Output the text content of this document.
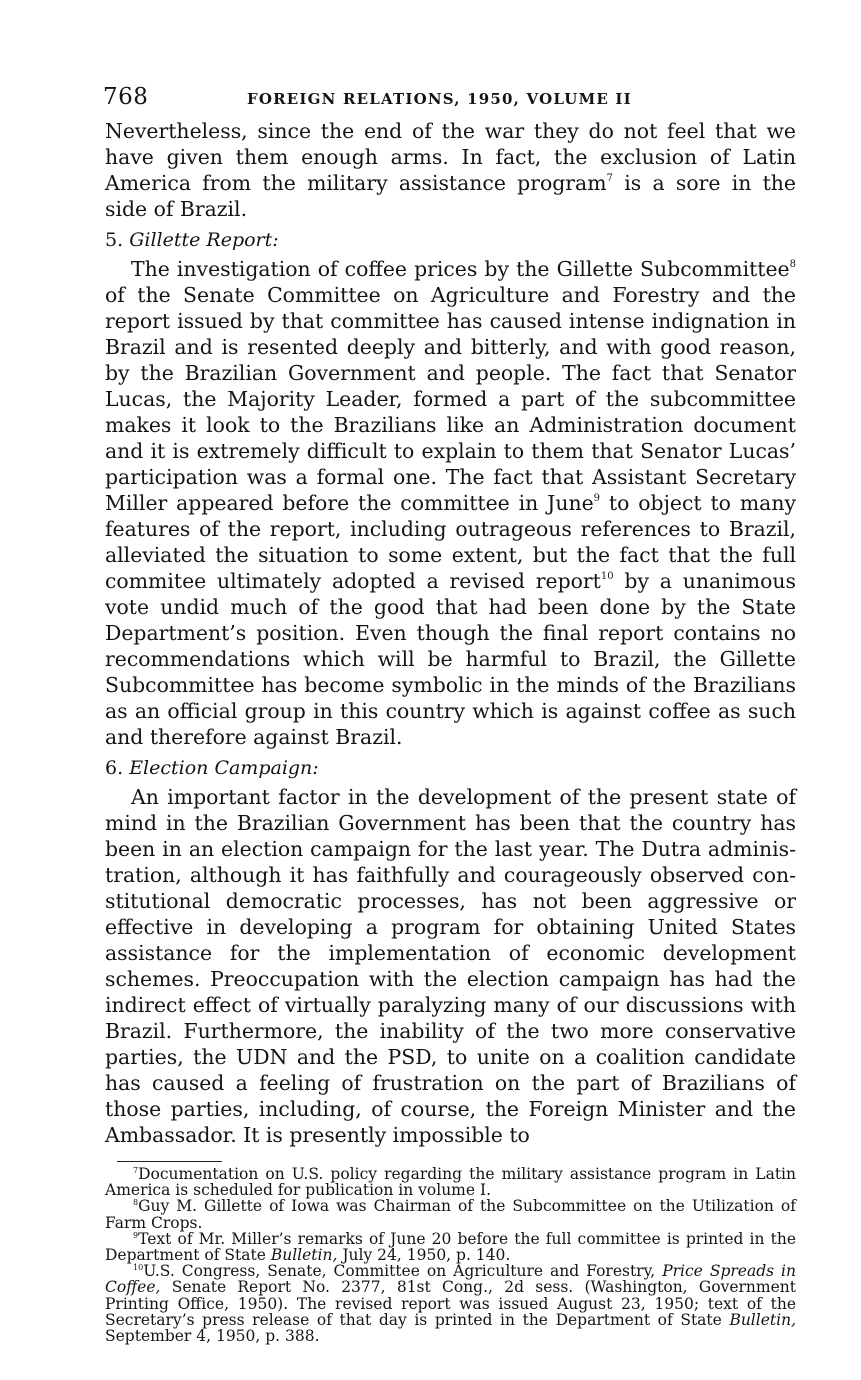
768	FOREIGN RELATIONS, 1950, VOLUME II

Nevertheless, since the end of the war they do not feel that we have given them enough arms. In fact, the exclusion of Latin America from the military assistance program$^7$ is a sore in the side of Brazil.

5. Gillette Report:

The investigation of coffee prices by the Gillette Subcommittee$^8$ of the Senate Committee on Agriculture and Forestry and the report issued by that committee has caused intense indignation in Brazil and is resented deeply and bitterly, and with good reason, by the Brazilian Government and people. The fact that Senator Lucas, the Majority Leader, formed a part of the subcommittee makes it look to the Brazilians like an Administration document and it is extremely difficult to explain to them that Senator Lucas’ participation was a formal one. The fact that Assistant Secretary Miller appeared before the committee in June$^9$ to object to many features of the report, including outrageous references to Brazil, alleviated the situation to some extent, but the fact that the full commitee ultimately adopted a revised report$^{10}$ by a unanimous vote undid much of the good that had been done by the State Department’s position. Even though the final report contains no recommendations which will be harmful to Brazil, the Gillette Subcommittee has become symbolic in the minds of the Brazilians as an official group in this country which is against coffee as such and therefore against Brazil.

6. Election Campaign:

An important factor in the development of the present state of mind in the Brazilian Government has been that the country has been in an election campaign for the last year. The Dutra administration, although it has faithfully and courageously observed constitutional democratic processes, has not been aggressive or effective in developing a program for obtaining United States assistance for the implementation of economic development schemes. Preoccupation with the election campaign has had the indirect effect of virtually paralyzing many of our discussions with Brazil. Furthermore, the inability of the two more conservative parties, the UDN and the PSD, to unite on a coalition candidate has caused a feeling of frustration on the part of Brazilians of those parties, including, of course, the Foreign Minister and the Ambassador. It is presently impossible to

$^7$Documentation on U.S. policy regarding the military assistance program in Latin America is scheduled for publication in volume I.

$^8$Guy M. Gillette of Iowa was Chairman of the Subcommittee on the Utilization of Farm Crops.

$^9$Text of Mr. Miller’s remarks of June 20 before the full committee is printed in the Department of State Bulletin, July 24, 1950, p. 140.

$^{10}$U.S. Congress, Senate, Committee on Agriculture and Forestry, Price Spreads in Coffee, Senate Report No. 2377, 81st Cong., 2d sess. (Washington, Government Printing Office, 1950). The revised report was issued August 23, 1950; text of the Secretary’s press release of that day is printed in the Department of State Bulletin, September 4, 1950, p. 388.
